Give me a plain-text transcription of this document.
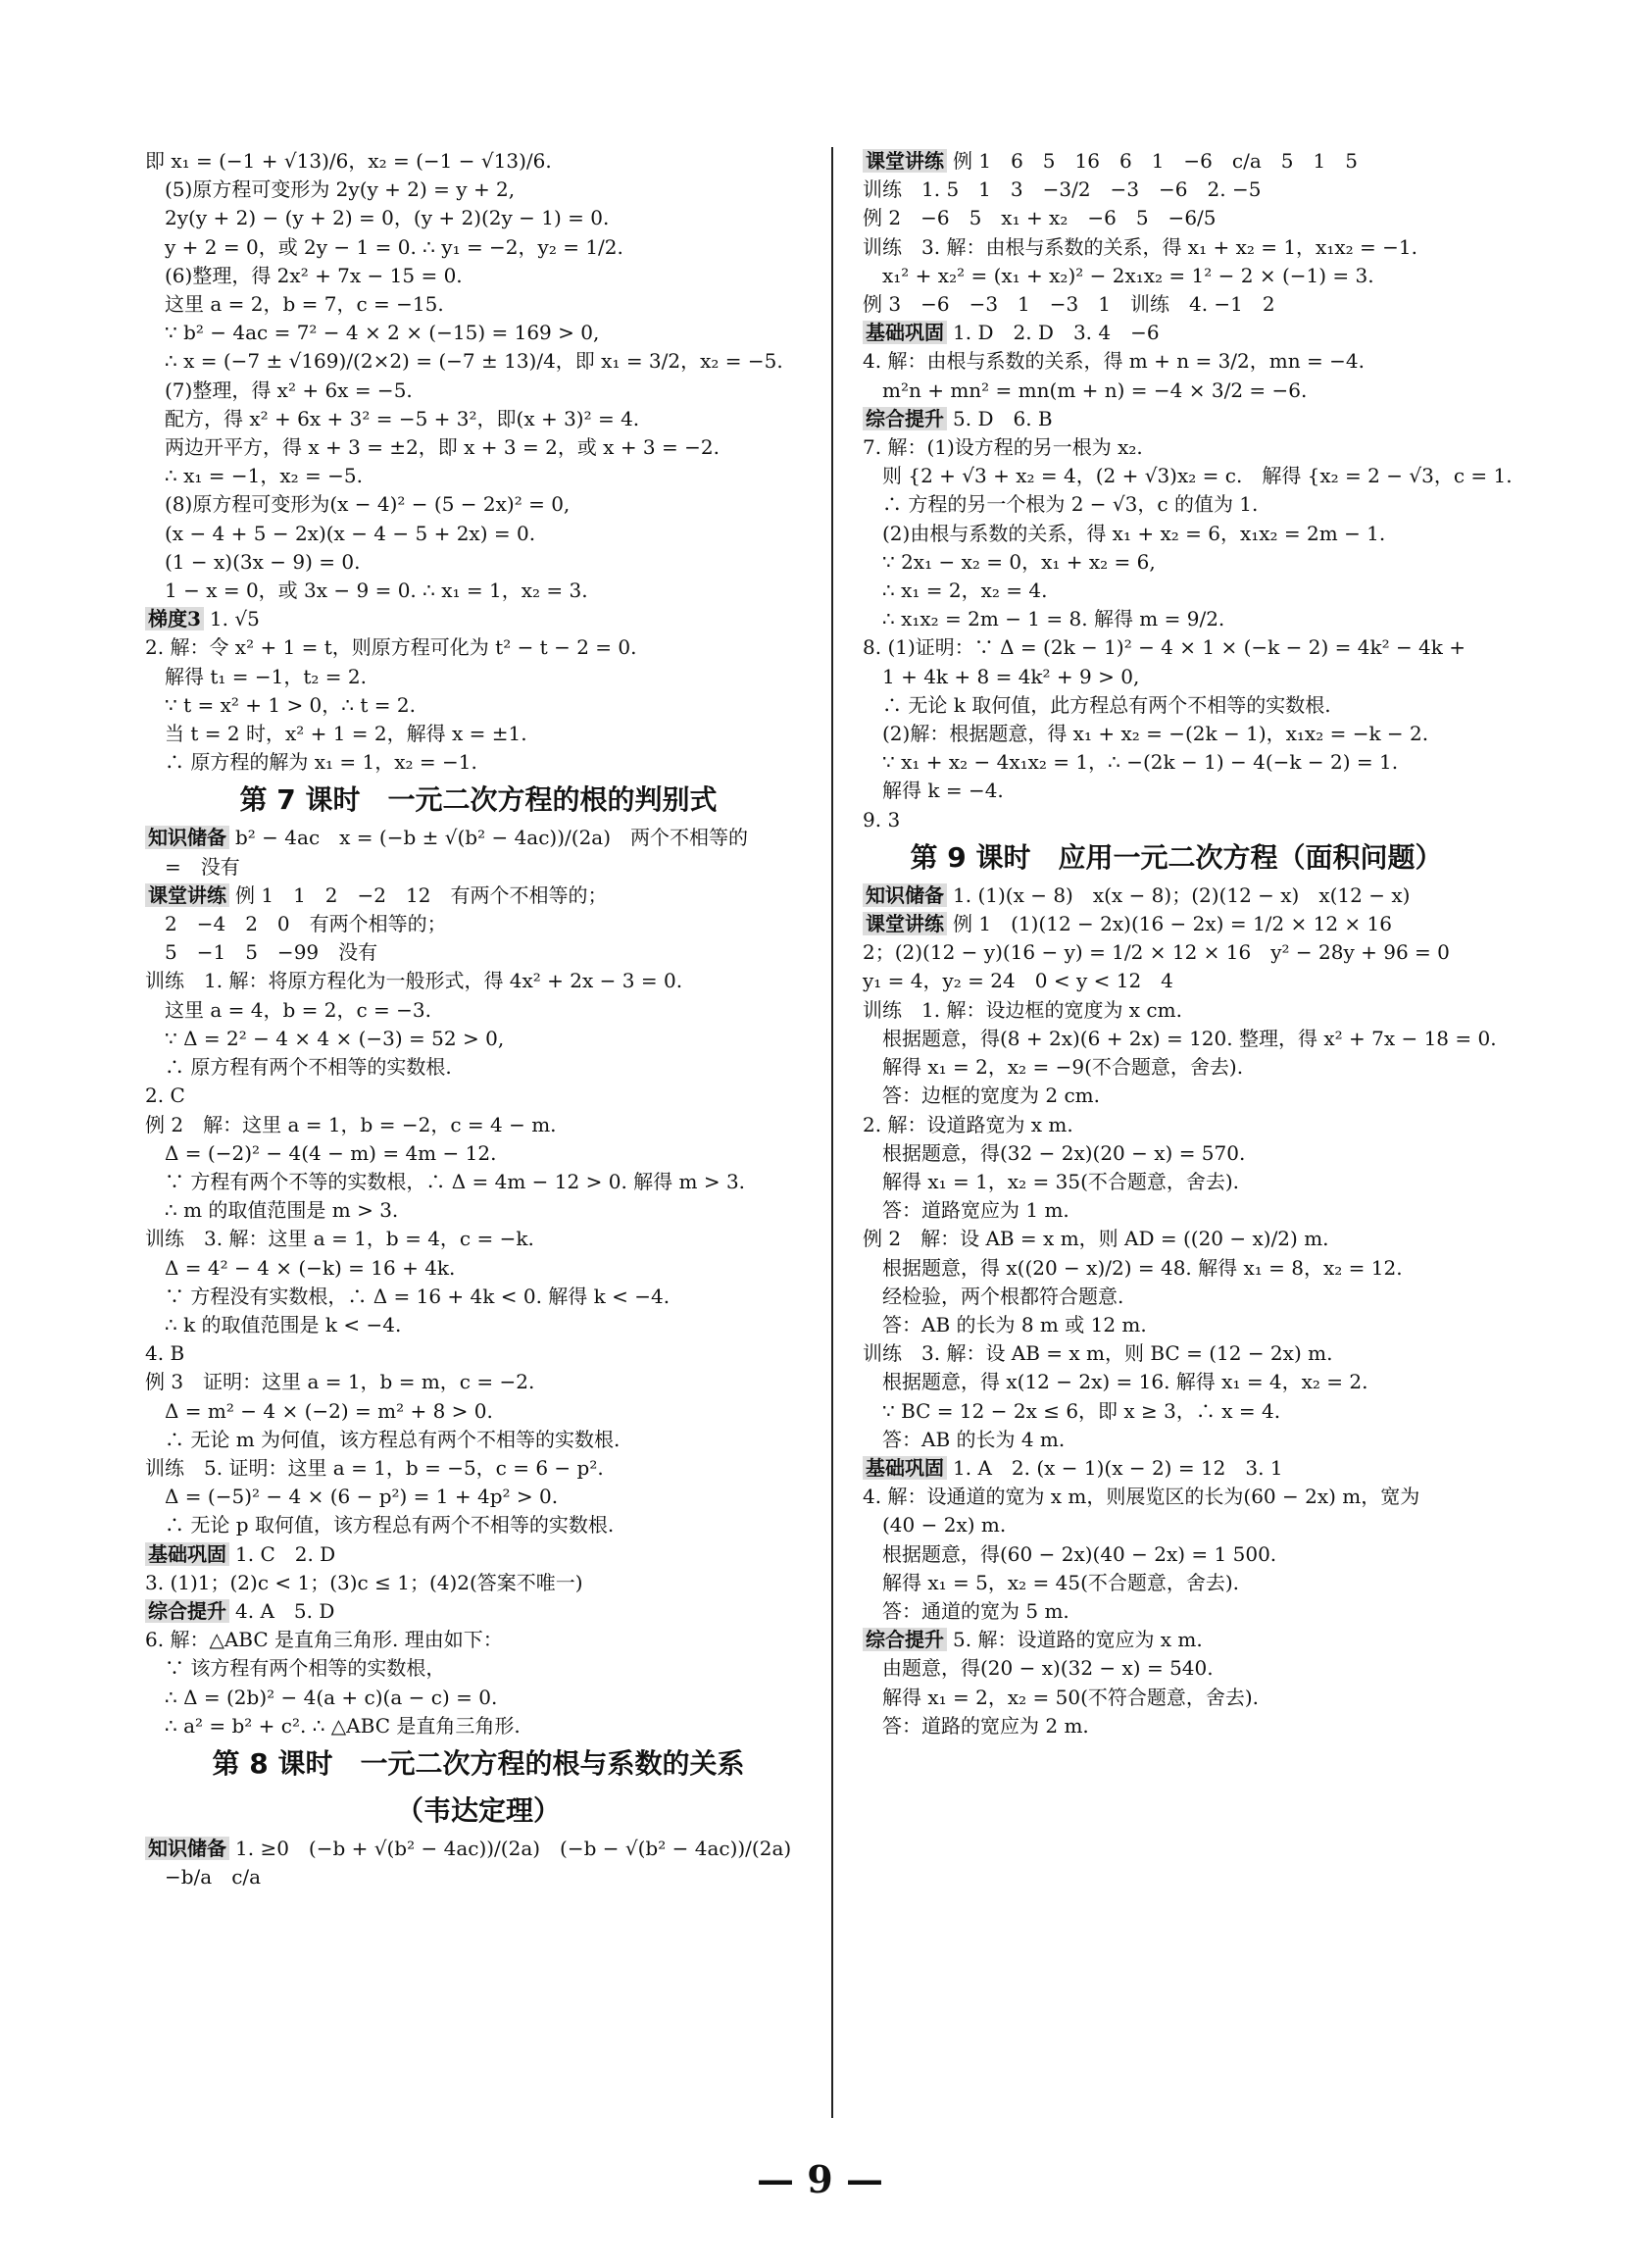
即 x₁ = (−1 + √13)/6，x₂ = (−1 − √13)/6.
(5)原方程可变形为 2y(y + 2) = y + 2,
2y(y + 2) − (y + 2) = 0，(y + 2)(2y − 1) = 0.
y + 2 = 0，或 2y − 1 = 0. ∴ y₁ = −2，y₂ = 1/2.
(6)整理，得 2x² + 7x − 15 = 0.
这里 a = 2，b = 7，c = −15.
∵ b² − 4ac = 7² − 4 × 2 × (−15) = 169 > 0,
∴ x = (−7 ± √169)/(2×2) = (−7 ± 13)/4，即 x₁ = 3/2，x₂ = −5.
(7)整理，得 x² + 6x = −5.
配方，得 x² + 6x + 3² = −5 + 3²，即(x + 3)² = 4.
两边开平方，得 x + 3 = ±2，即 x + 3 = 2，或 x + 3 = −2.
∴ x₁ = −1，x₂ = −5.
(8)原方程可变形为(x − 4)² − (5 − 2x)² = 0,
(x − 4 + 5 − 2x)(x − 4 − 5 + 2x) = 0.
(1 − x)(3x − 9) = 0.
1 − x = 0，或 3x − 9 = 0. ∴ x₁ = 1，x₂ = 3.
梯度3 1. √5
2. 解：令 x² + 1 = t，则原方程可化为 t² − t − 2 = 0.
解得 t₁ = −1，t₂ = 2.
∵ t = x² + 1 > 0，∴ t = 2.
当 t = 2 时，x² + 1 = 2，解得 x = ±1.
∴ 原方程的解为 x₁ = 1，x₂ = −1.
第 7 课时　一元二次方程的根的判别式
知识储备 b² − 4ac　x = (−b ± √(b² − 4ac))/(2a)　两个不相等的
=　没有
课堂讲练 例 1　1　2　−2　12　有两个不相等的；
2　−4　2　0　有两个相等的；
5　−1　5　−99　没有
训练　1. 解：将原方程化为一般形式，得 4x² + 2x − 3 = 0.
这里 a = 4，b = 2，c = −3.
∵ Δ = 2² − 4 × 4 × (−3) = 52 > 0,
∴ 原方程有两个不相等的实数根.
2. C
例 2　解：这里 a = 1，b = −2，c = 4 − m.
Δ = (−2)² − 4(4 − m) = 4m − 12.
∵ 方程有两个不等的实数根，∴ Δ = 4m − 12 > 0. 解得 m > 3.
∴ m 的取值范围是 m > 3.
训练　3. 解：这里 a = 1，b = 4，c = −k.
Δ = 4² − 4 × (−k) = 16 + 4k.
∵ 方程没有实数根，∴ Δ = 16 + 4k < 0. 解得 k < −4.
∴ k 的取值范围是 k < −4.
4. B
例 3　证明：这里 a = 1，b = m，c = −2.
Δ = m² − 4 × (−2) = m² + 8 > 0.
∴ 无论 m 为何值，该方程总有两个不相等的实数根.
训练　5. 证明：这里 a = 1，b = −5，c = 6 − p².
Δ = (−5)² − 4 × (6 − p²) = 1 + 4p² > 0.
∴ 无论 p 取何值，该方程总有两个不相等的实数根.
基础巩固 1. C　2. D
3. (1)1；(2)c < 1；(3)c ≤ 1；(4)2(答案不唯一)
综合提升 4. A　5. D
6. 解：△ABC 是直角三角形. 理由如下：
∵ 该方程有两个相等的实数根，
∴ Δ = (2b)² − 4(a + c)(a − c) = 0.
∴ a² = b² + c². ∴ △ABC 是直角三角形.
第 8 课时　一元二次方程的根与系数的关系
（韦达定理）
知识储备 1. ≥0　(−b + √(b² − 4ac))/(2a)　(−b − √(b² − 4ac))/(2a)
−b/a　c/a
课堂讲练 例 1　6　5　16　6　1　−6　c/a　5　1　5
训练　1. 5　1　3　−3/2　−3　−6　2. −5
例 2　−6　5　x₁ + x₂　−6　5　−6/5
训练　3. 解：由根与系数的关系，得 x₁ + x₂ = 1，x₁x₂ = −1.
x₁² + x₂² = (x₁ + x₂)² − 2x₁x₂ = 1² − 2 × (−1) = 3.
例 3　−6　−3　1　−3　1　训练　4. −1　2
基础巩固 1. D　2. D　3. 4　−6
4. 解：由根与系数的关系，得 m + n = 3/2，mn = −4.
m²n + mn² = mn(m + n) = −4 × 3/2 = −6.
综合提升 5. D　6. B
7. 解：(1)设方程的另一根为 x₂.
则 {2 + √3 + x₂ = 4，(2 + √3)x₂ = c.　解得 {x₂ = 2 − √3，c = 1.
∴ 方程的另一个根为 2 − √3，c 的值为 1.
(2)由根与系数的关系，得 x₁ + x₂ = 6，x₁x₂ = 2m − 1.
∵ 2x₁ − x₂ = 0，x₁ + x₂ = 6,
∴ x₁ = 2，x₂ = 4.
∴ x₁x₂ = 2m − 1 = 8. 解得 m = 9/2.
8. (1)证明：∵ Δ = (2k − 1)² − 4 × 1 × (−k − 2) = 4k² − 4k +
1 + 4k + 8 = 4k² + 9 > 0,
∴ 无论 k 取何值，此方程总有两个不相等的实数根.
(2)解：根据题意，得 x₁ + x₂ = −(2k − 1)，x₁x₂ = −k − 2.
∵ x₁ + x₂ − 4x₁x₂ = 1，∴ −(2k − 1) − 4(−k − 2) = 1.
解得 k = −4.
9. 3
第 9 课时　应用一元二次方程（面积问题）
知识储备 1. (1)(x − 8)　x(x − 8)；(2)(12 − x)　x(12 − x)
课堂讲练 例 1　(1)(12 − 2x)(16 − 2x) = 1/2 × 12 × 16
2；(2)(12 − y)(16 − y) = 1/2 × 12 × 16　y² − 28y + 96 = 0
y₁ = 4，y₂ = 24　0 < y < 12　4
训练　1. 解：设边框的宽度为 x cm.
根据题意，得(8 + 2x)(6 + 2x) = 120. 整理，得 x² + 7x − 18 = 0.
解得 x₁ = 2，x₂ = −9(不合题意，舍去).
答：边框的宽度为 2 cm.
2. 解：设道路宽为 x m.
根据题意，得(32 − 2x)(20 − x) = 570.
解得 x₁ = 1，x₂ = 35(不合题意，舍去).
答：道路宽应为 1 m.
例 2　解：设 AB = x m，则 AD = ((20 − x)/2) m.
根据题意，得 x((20 − x)/2) = 48. 解得 x₁ = 8，x₂ = 12.
经检验，两个根都符合题意.
答：AB 的长为 8 m 或 12 m.
训练　3. 解：设 AB = x m，则 BC = (12 − 2x) m.
根据题意，得 x(12 − 2x) = 16. 解得 x₁ = 4，x₂ = 2.
∵ BC = 12 − 2x ≤ 6，即 x ≥ 3，∴ x = 4.
答：AB 的长为 4 m.
基础巩固 1. A　2. (x − 1)(x − 2) = 12　3. 1
4. 解：设通道的宽为 x m，则展览区的长为(60 − 2x) m，宽为
(40 − 2x) m.
根据题意，得(60 − 2x)(40 − 2x) = 1 500.
解得 x₁ = 5，x₂ = 45(不合题意，舍去).
答：通道的宽为 5 m.
综合提升 5. 解：设道路的宽应为 x m.
由题意，得(20 − x)(32 − x) = 540.
解得 x₁ = 2，x₂ = 50(不符合题意，舍去).
答：道路的宽应为 2 m.
— 9 —
